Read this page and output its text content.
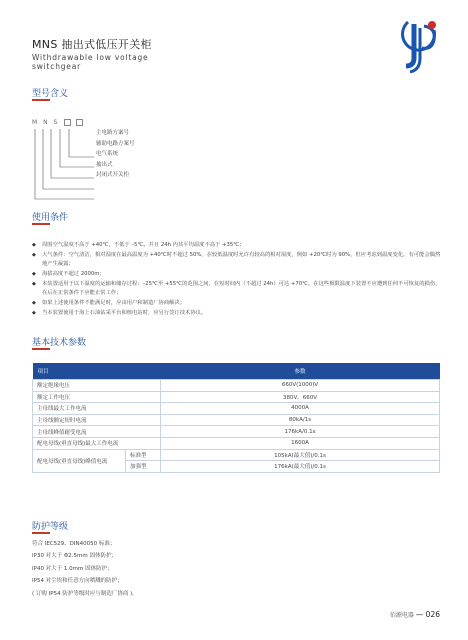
MNS 抽出式低压开关柜
Withdrawable low voltage
switchgear
型号含义
M N S
主电路方案号
辅助电路方案号
电气系统
抽出式
封闭式开关柜
使用条件
◆ 周围空气温度不高于 +40℃，不低于 –5℃。并且 24h 内其平均温度不高于 +35℃；
◆ 大气条件：空气清洁，相对湿度在最高温度为 +40℃时不超过 50%，在较低温度时允许有较高的相对湿度，例如 +20℃时为 90%，但应考虑到温度变化，有可能会偶然地产生凝露；
◆ 海拔高度不超过 2000m；
◆ 本装置适用于以下温度的运输和储存过程：–25℃至 +55℃的范围之间，在短时间内（不超过 24h）可达 +70℃，在这些极限温度下装置不应遭到任何不可恢复的损伤，在后在正常条件下应能正常工作；
◆ 如果上述使用条件不能满足时，应由用户和制造厂协商解决；
◆ 当本装置使用于海上石油钻采平台和核电站时，应另行签订技术协议。
基本技术参数
项目		参数
额定绝缘电压		660V(1000)V
额定工作电压		380V、660V
主母线最大工作电流		4000A
主母线额定短时电流		80kA/1s
主母线峰值耐受电流		176kA/0.1s
配电母线(垂直母线)最大工作电流		1600A
配电母线(垂直母线)峰值电流	标准型	105kA(最大值)/0.1s
	加强型	176kA(最大值)/0.1s
防护等级
符合 IEC529、DIN40050 标准；
IP30 对大于 Φ2.5mm 固体防护；
IP40 对大于 1.0mm 固体防护；
IP54 对尘埃和任意方向喷溅的防护；
( 订购 IP54 防护等级时应与制造厂协商 )。
佰源电器 — 026
